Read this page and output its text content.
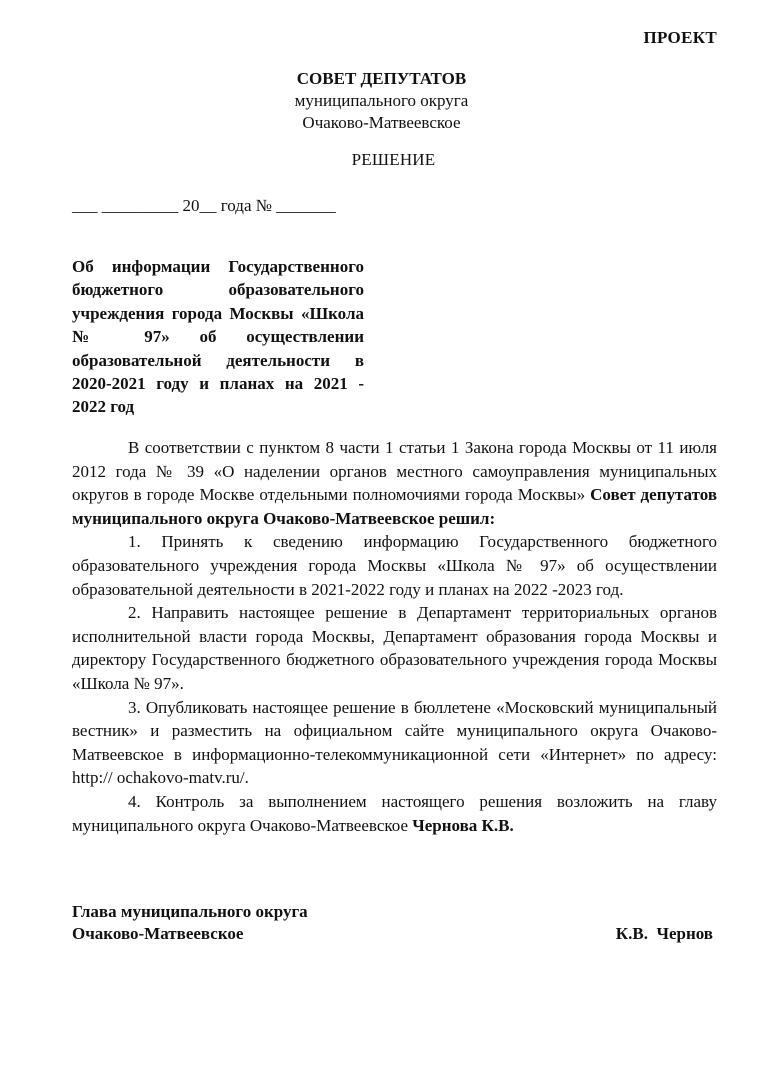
ПРОЕКТ
СОВЕТ ДЕПУТАТОВ
муниципального округа
Очаково-Матвеевское
РЕШЕНИЕ
___ _________ 20__ года № _______
Об информации Государственного бюджетного образовательного учреждения города Москвы «Школа № 97» об осуществлении образовательной деятельности в 2020-2021 году и планах на 2021 - 2022 год

В соответствии с пунктом 8 части 1 статьи 1 Закона города Москвы от 11 июля 2012 года № 39 «О наделении органов местного самоуправления муниципальных округов в городе Москве отдельными полномочиями города Москвы» Совет депутатов муниципального округа Очаково-Матвеевское решил:

1. Принять к сведению информацию Государственного бюджетного образовательного учреждения города Москвы «Школа № 97» об осуществлении образовательной деятельности в 2021-2022 году и планах на 2022 -2023 год.

2. Направить настоящее решение в Департамент территориальных органов исполнительной власти города Москвы, Департамент образования города Москвы и директору Государственного бюджетного образовательного учреждения города Москвы «Школа № 97».

3. Опубликовать настоящее решение в бюллетене «Московский муниципальный вестник» и разместить на официальном сайте муниципального округа Очаково-Матвеевское в информационно-телекоммуникационной сети «Интернет» по адресу: http:// ochakovo-matv.ru/.

4. Контроль за выполнением настоящего решения возложить на главу муниципального округа Очаково-Матвеевское Чернова К.В.

Глава муниципального округа
Очаково-Матвеевское	К.В.  Чернов
